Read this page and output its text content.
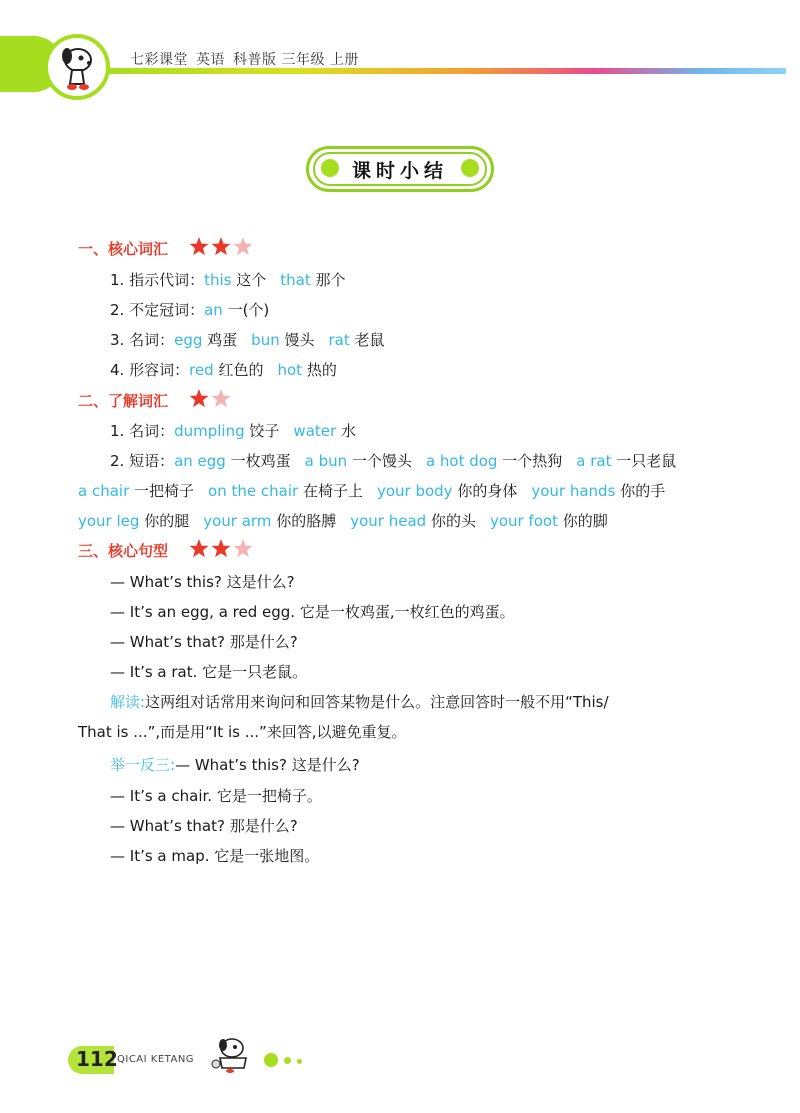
七彩课堂 英语 科普版 三年级 上册
课时小结
一、核心词汇
1. 指示代词：this 这个 that 那个
2. 不定冠词：an 一(个)
3. 名词：egg 鸡蛋 bun 馒头 rat 老鼠
4. 形容词：red 红色的 hot 热的
二、了解词汇
1. 名词：dumpling 饺子 water 水
2. 短语：an egg 一枚鸡蛋 a bun 一个馒头 a hot dog 一个热狗 a rat 一只老鼠
a chair 一把椅子 on the chair 在椅子上 your body 你的身体 your hands 你的手
your leg 你的腿 your arm 你的胳膊 your head 你的头 your foot 你的脚
三、核心句型
— What’s this? 这是什么?
— It’s an egg, a red egg. 它是一枚鸡蛋,一枚红色的鸡蛋。
— What’s that? 那是什么?
— It’s a rat. 它是一只老鼠。
解读:这两组对话常用来询问和回答某物是什么。注意回答时一般不用“This/
That is ...”,而是用“It is ...”来回答,以避免重复。
举一反三:— What’s this? 这是什么?
— It’s a chair. 它是一把椅子。
— What’s that? 那是什么?
— It’s a map. 它是一张地图。
112 QICAI KETANG
